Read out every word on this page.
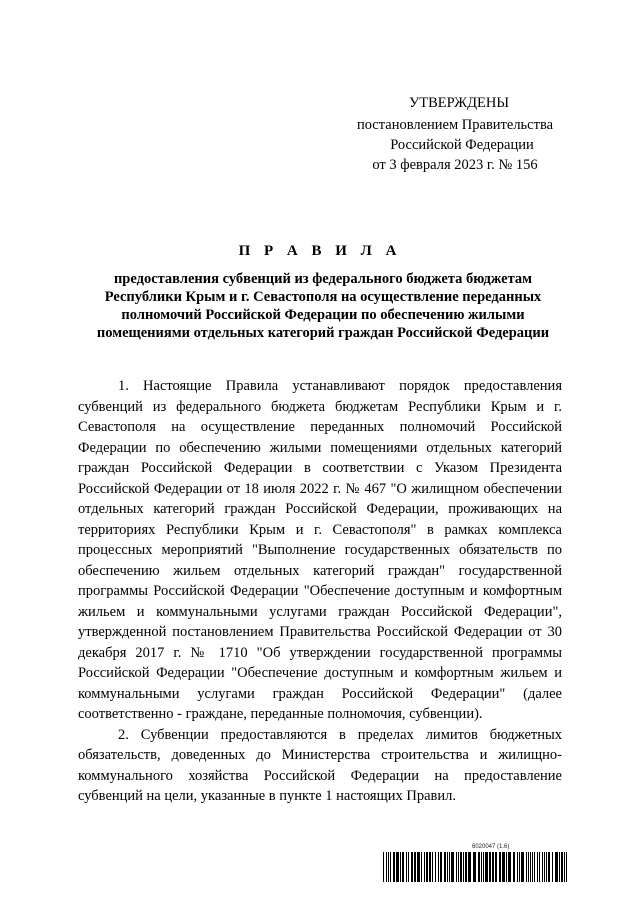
УТВЕРЖДЕНЫ
постановлением Правительства
Российской Федерации
от 3 февраля 2023 г. № 156
П Р А В И Л А
предоставления субвенций из федерального бюджета бюджетам Республики Крым и г. Севастополя на осуществление переданных полномочий Российской Федерации по обеспечению жилыми помещениями отдельных категорий граждан Российской Федерации

1. Настоящие Правила устанавливают порядок предоставления субвенций из федерального бюджета бюджетам Республики Крым и г. Севастополя на осуществление переданных полномочий Российской Федерации по обеспечению жилыми помещениями отдельных категорий граждан Российской Федерации в соответствии с Указом Президента Российской Федерации от 18 июля 2022 г. № 467 "О жилищном обеспечении отдельных категорий граждан Российской Федерации, проживающих на территориях Республики Крым и г. Севастополя" в рамках комплекса процессных мероприятий "Выполнение государственных обязательств по обеспечению жильем отдельных категорий граждан" государственной программы Российской Федерации "Обеспечение доступным и комфортным жильем и коммунальными услугами граждан Российской Федерации", утвержденной постановлением Правительства Российской Федерации от 30 декабря 2017 г. № 1710 "Об утверждении государственной программы Российской Федерации "Обеспечение доступным и комфортным жильем и коммунальными услугами граждан Российской Федерации" (далее соответственно - граждане, переданные полномочия, субвенции).

2. Субвенции предоставляются в пределах лимитов бюджетных обязательств, доведенных до Министерства строительства и жилищно-коммунального хозяйства Российской Федерации на предоставление субвенций на цели, указанные в пункте 1 настоящих Правил.

6020047 (1.6)
